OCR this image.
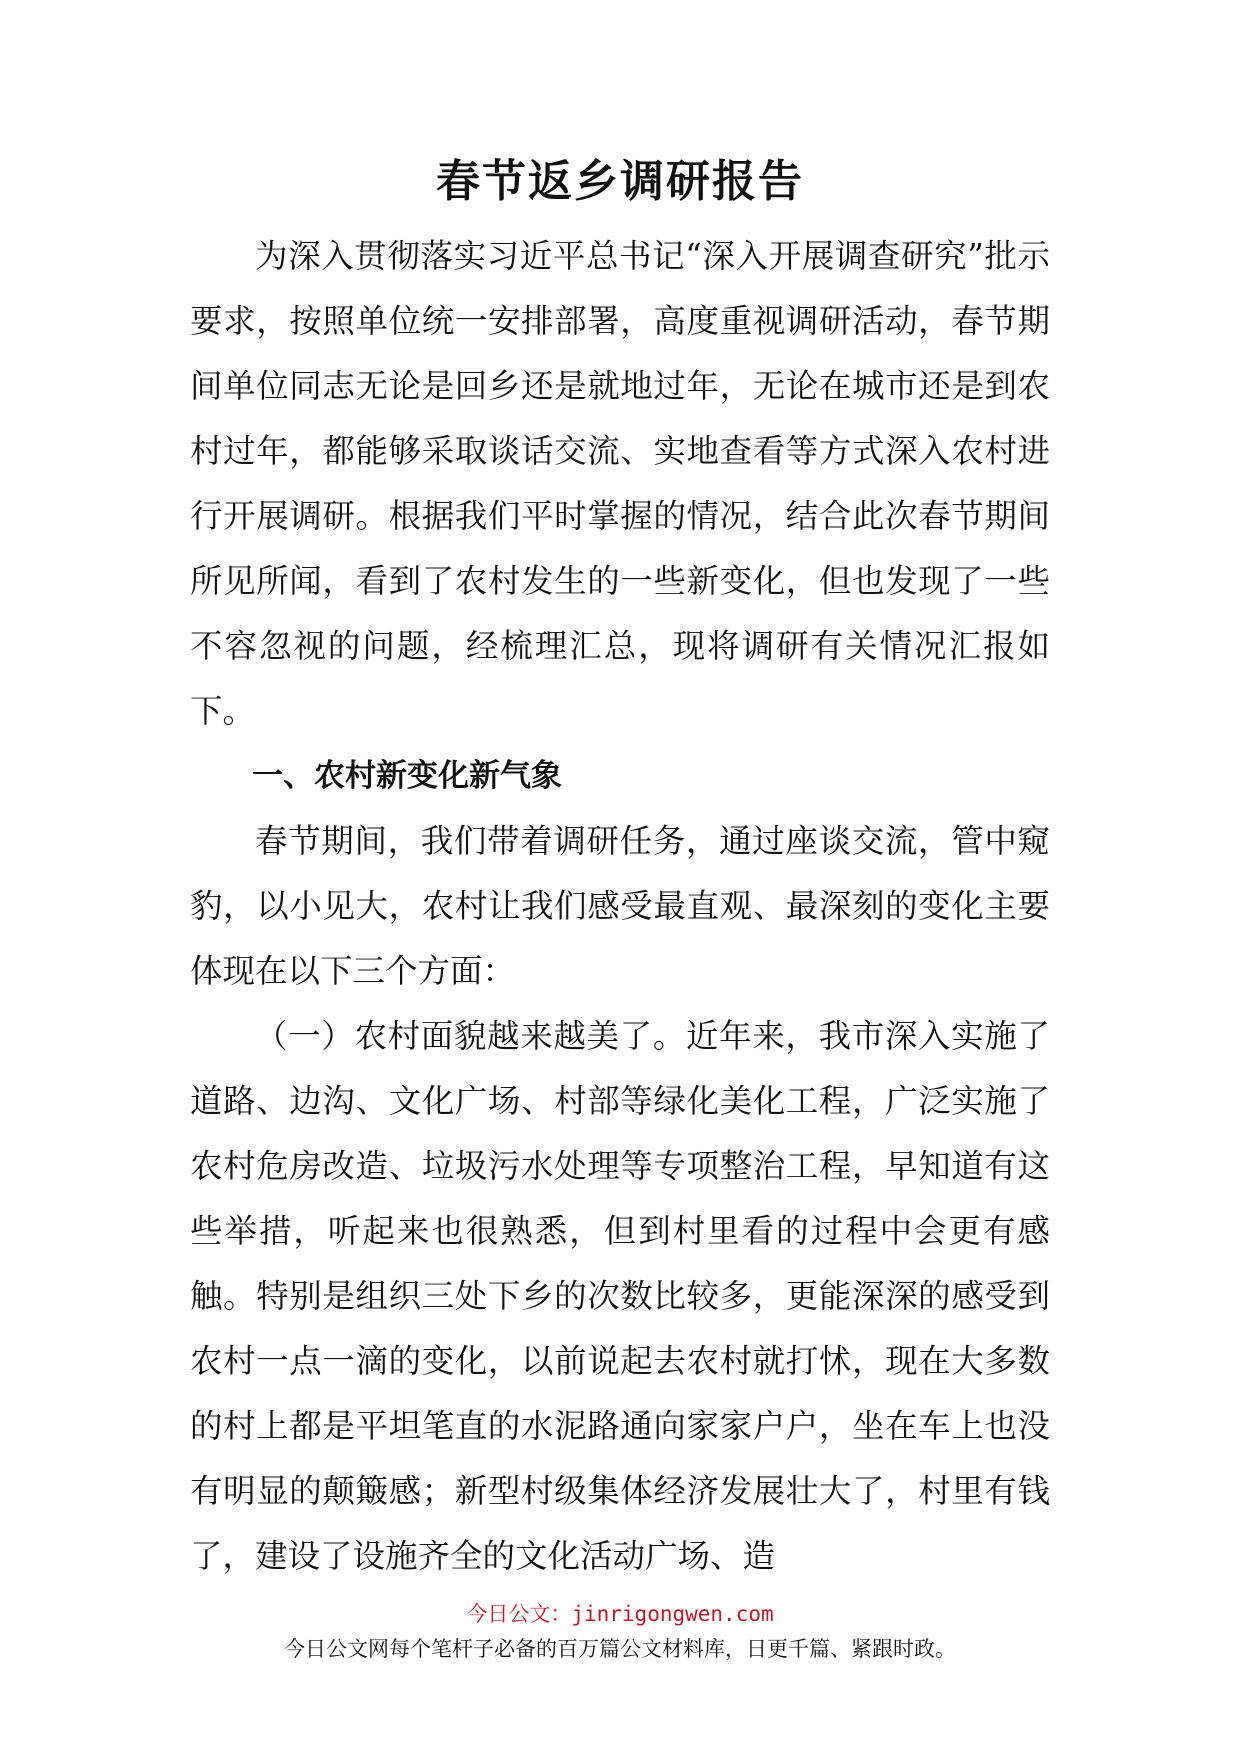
春节返乡调研报告

为深入贯彻落实习近平总书记“深入开展调查研究”批示要求，按照单位统一安排部署，高度重视调研活动，春节期间单位同志无论是回乡还是就地过年，无论在城市还是到农村过年，都能够采取谈话交流、实地查看等方式深入农村进行开展调研。根据我们平时掌握的情况，结合此次春节期间所见所闻，看到了农村发生的一些新变化，但也发现了一些不容忽视的问题，经梳理汇总，现将调研有关情况汇报如下。

一、农村新变化新气象

春节期间，我们带着调研任务，通过座谈交流，管中窥豹，以小见大，农村让我们感受最直观、最深刻的变化主要体现在以下三个方面：

（一）农村面貌越来越美了。近年来，我市深入实施了道路、边沟、文化广场、村部等绿化美化工程，广泛实施了农村危房改造、垃圾污水处理等专项整治工程，早知道有这些举措，听起来也很熟悉，但到村里看的过程中会更有感触。特别是组织三处下乡的次数比较多，更能深深的感受到农村一点一滴的变化，以前说起去农村就打怵，现在大多数的村上都是平坦笔直的水泥路通向家家户户，坐在车上也没有明显的颠簸感；新型村级集体经济发展壮大了，村里有钱了，建设了设施齐全的文化活动广场、造

今日公文：jinrigongwen.com
今日公文网每个笔杆子必备的百万篇公文材料库，日更千篇、紧跟时政。
